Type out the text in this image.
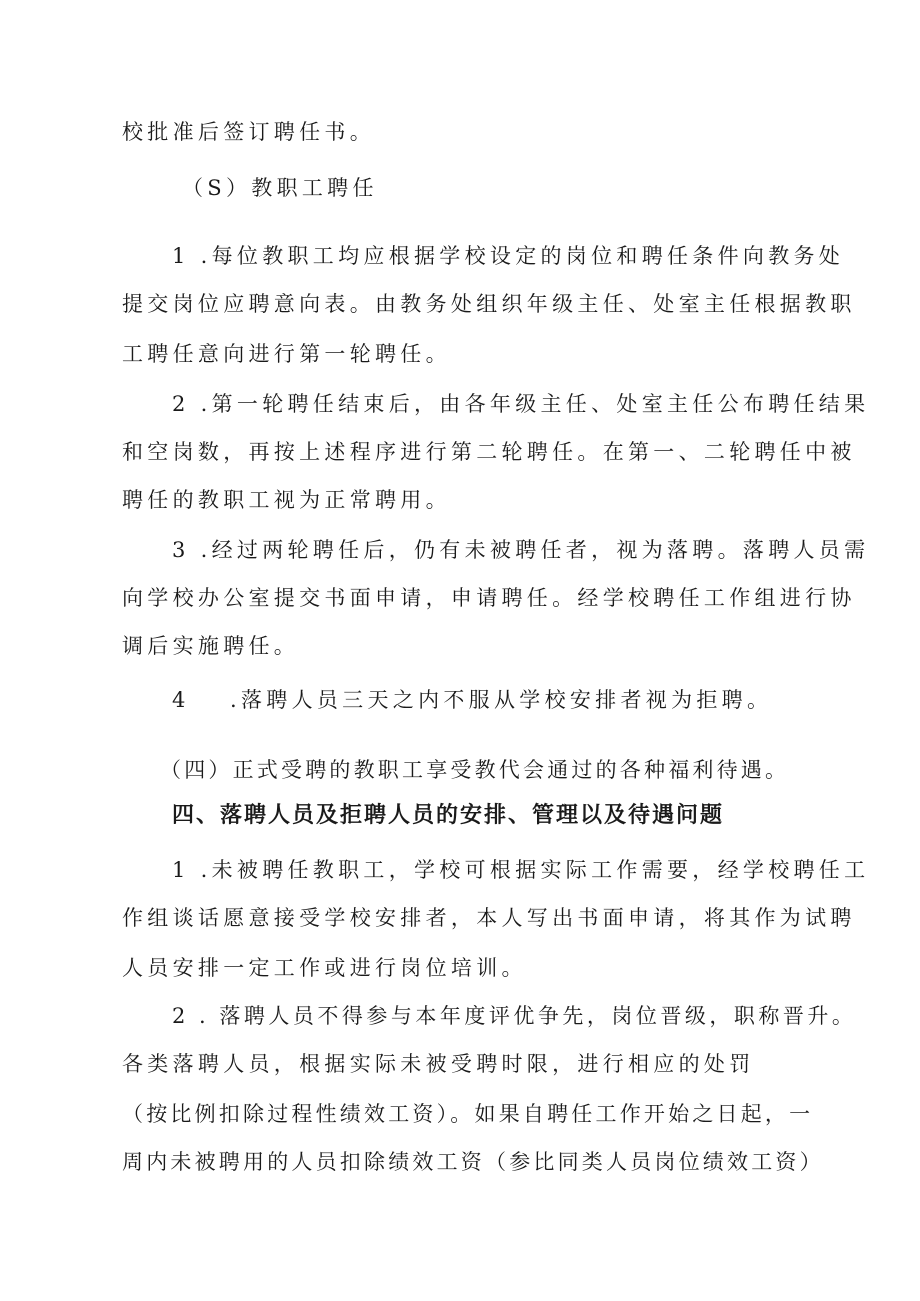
校批准后签订聘任书。
（S）教职工聘任
1 .每位教职工均应根据学校设定的岗位和聘任条件向教务处
提交岗位应聘意向表。由教务处组织年级主任、处室主任根据教职
工聘任意向进行第一轮聘任。
2 .第一轮聘任结束后，由各年级主任、处室主任公布聘任结果
和空岗数，再按上述程序进行第二轮聘任。在第一、二轮聘任中被
聘任的教职工视为正常聘用。
3 .经过两轮聘任后，仍有未被聘任者，视为落聘。落聘人员需
向学校办公室提交书面申请，申请聘任。经学校聘任工作组进行协
调后实施聘任。
4 .落聘人员三天之内不服从学校安排者视为拒聘。
（四）正式受聘的教职工享受教代会通过的各种福利待遇。
四、落聘人员及拒聘人员的安排、管理以及待遇问题
1 .未被聘任教职工，学校可根据实际工作需要，经学校聘任工
作组谈话愿意接受学校安排者，本人写出书面申请，将其作为试聘
人员安排一定工作或进行岗位培训。
2 . 落聘人员不得参与本年度评优争先，岗位晋级，职称晋升。
各类落聘人员，根据实际未被受聘时限，进行相应的处罚
（按比例扣除过程性绩效工资）。如果自聘任工作开始之日起，一
周内未被聘用的人员扣除绩效工资（参比同类人员岗位绩效工资）
